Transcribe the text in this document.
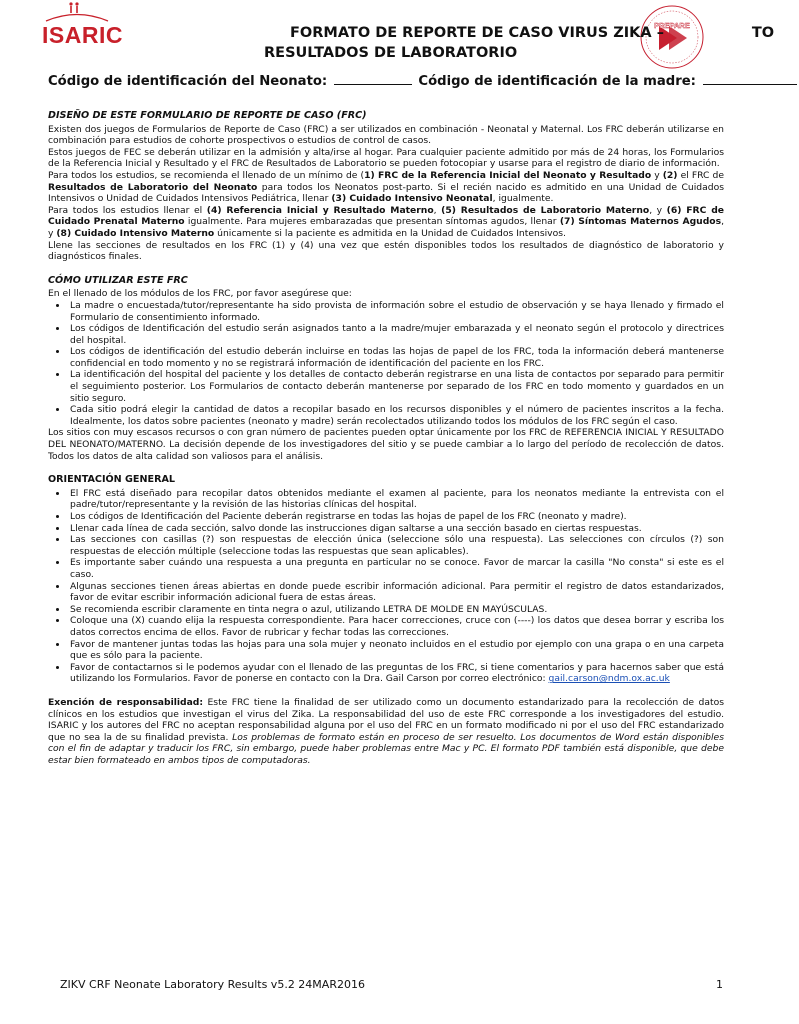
ISARIC	PREPARE
FORMATO DE REPORTE DE CASO VIRUS ZIKA –	TO
RESULTADOS DE LABORATORIO
Código de identificación del Neonato:	Código de identificación de la madre:
DISEÑO DE ESTE FORMULARIO DE REPORTE DE CASO (FRC)

Existen dos juegos de Formularios de Reporte de Caso (FRC) a ser utilizados en combinación - Neonatal y Maternal. Los FRC deberán utilizarse en combinación para estudios de cohorte prospectivos o estudios de control de casos.

Estos juegos de FEC se deberán utilizar en la admisión y alta/irse al hogar. Para cualquier paciente admitido por más de 24 horas, los Formularios de la Referencia Inicial y Resultado y el FRC de Resultados de Laboratorio se pueden fotocopiar y usarse para el registro de diario de información.

Para todos los estudios, se recomienda el llenado de un mínimo de (1) FRC de la Referencia Inicial del Neonato y Resultado y (2) el FRC de Resultados de Laboratorio del Neonato para todos los Neonatos post-parto. Si el recién nacido es admitido en una Unidad de Cuidados Intensivos o Unidad de Cuidados Intensivos Pediátrica, llenar (3) Cuidado Intensivo Neonatal, igualmente.

Para todos los estudios llenar el (4) Referencia Inicial y Resultado Materno, (5) Resultados de Laboratorio Materno, y (6) FRC de Cuidado Prenatal Materno igualmente. Para mujeres embarazadas que presentan síntomas agudos, llenar (7) Síntomas Maternos Agudos, y (8) Cuidado Intensivo Materno únicamente si la paciente es admitida en la Unidad de Cuidados Intensivos.

Llene las secciones de resultados en los FRC (1) y (4) una vez que estén disponibles todos los resultados de diagnóstico de laboratorio y diagnósticos finales.

CÓMO UTILIZAR ESTE FRC

En el llenado de los módulos de los FRC, por favor asegúrese que:

• La madre o encuestada/tutor/representante ha sido provista de información sobre el estudio de observación y se haya llenado y firmado el Formulario de consentimiento informado.
• Los códigos de Identificación del estudio serán asignados tanto a la madre/mujer embarazada y el neonato según el protocolo y directrices del hospital.
• Los códigos de identificación del estudio deberán incluirse en todas las hojas de papel de los FRC, toda la información deberá mantenerse confidencial en todo momento y no se registrará información de identificación del paciente en los FRC.
• La identificación del hospital del paciente y los detalles de contacto deberán registrarse en una lista de contactos por separado para permitir el seguimiento posterior. Los Formularios de contacto deberán mantenerse por separado de los FRC en todo momento y guardados en un sitio seguro.
• Cada sitio podrá elegir la cantidad de datos a recopilar basado en los recursos disponibles y el número de pacientes inscritos a la fecha. Idealmente, los datos sobre pacientes (neonato y madre) serán recolectados utilizando todos los módulos de los FRC según el caso.

Los sitios con muy escasos recursos o con gran número de pacientes pueden optar únicamente por los FRC de REFERENCIA INICIAL Y RESULTADO DEL NEONATO/MATERNO. La decisión depende de los investigadores del sitio y se puede cambiar a lo largo del período de recolección de datos. Todos los datos de alta calidad son valiosos para el análisis.

ORIENTACIÓN GENERAL
• El FRC está diseñado para recopilar datos obtenidos mediante el examen al paciente, para los neonatos mediante la entrevista con el padre/tutor/representante y la revisión de las historias clínicas del hospital.
• Los códigos de Identificación del Paciente deberán registrarse en todas las hojas de papel de los FRC (neonato y madre).
• Llenar cada línea de cada sección, salvo donde las instrucciones digan saltarse a una sección basado en ciertas respuestas.
• Las secciones con casillas (?) son respuestas de elección única (seleccione sólo una respuesta). Las selecciones con círculos (?) son respuestas de elección múltiple (seleccione todas las respuestas que sean aplicables).
• Es importante saber cuándo una respuesta a una pregunta en particular no se conoce. Favor de marcar la casilla "No consta" si este es el caso.
• Algunas secciones tienen áreas abiertas en donde puede escribir información adicional. Para permitir el registro de datos estandarizados, favor de evitar escribir información adicional fuera de estas áreas.
• Se recomienda escribir claramente en tinta negra o azul, utilizando LETRA DE MOLDE EN MAYÚSCULAS.
• Coloque una (X) cuando elija la respuesta correspondiente. Para hacer correcciones, cruce con (----) los datos que desea borrar y escriba los datos correctos encima de ellos. Favor de rubricar y fechar todas las correcciones.
• Favor de mantener juntas todas las hojas para una sola mujer y neonato incluidos en el estudio por ejemplo con una grapa o en una carpeta que es sólo para la paciente.
• Favor de contactarnos si le podemos ayudar con el llenado de las preguntas de los FRC, si tiene comentarios y para hacernos saber que está utilizando los Formularios. Favor de ponerse en contacto con la Dra. Gail Carson por correo electrónico: gail.carson@ndm.ox.ac.uk

Exención de responsabilidad: Este FRC tiene la finalidad de ser utilizado como un documento estandarizado para la recolección de datos clínicos en los estudios que investigan el virus del Zika. La responsabilidad del uso de este FRC corresponde a los investigadores del estudio. ISARIC y los autores del FRC no aceptan responsabilidad alguna por el uso del FRC en un formato modificado ni por el uso del FRC estandarizado que no sea la de su finalidad prevista. Los problemas de formato están en proceso de ser resuelto. Los documentos de Word están disponibles con el fin de adaptar y traducir los FRC, sin embargo, puede haber problemas entre Mac y PC. El formato PDF también está disponible, que debe estar bien formateado en ambos tipos de computadoras.

ZIKV CRF Neonate Laboratory Results v5.2 24MAR2016	1
